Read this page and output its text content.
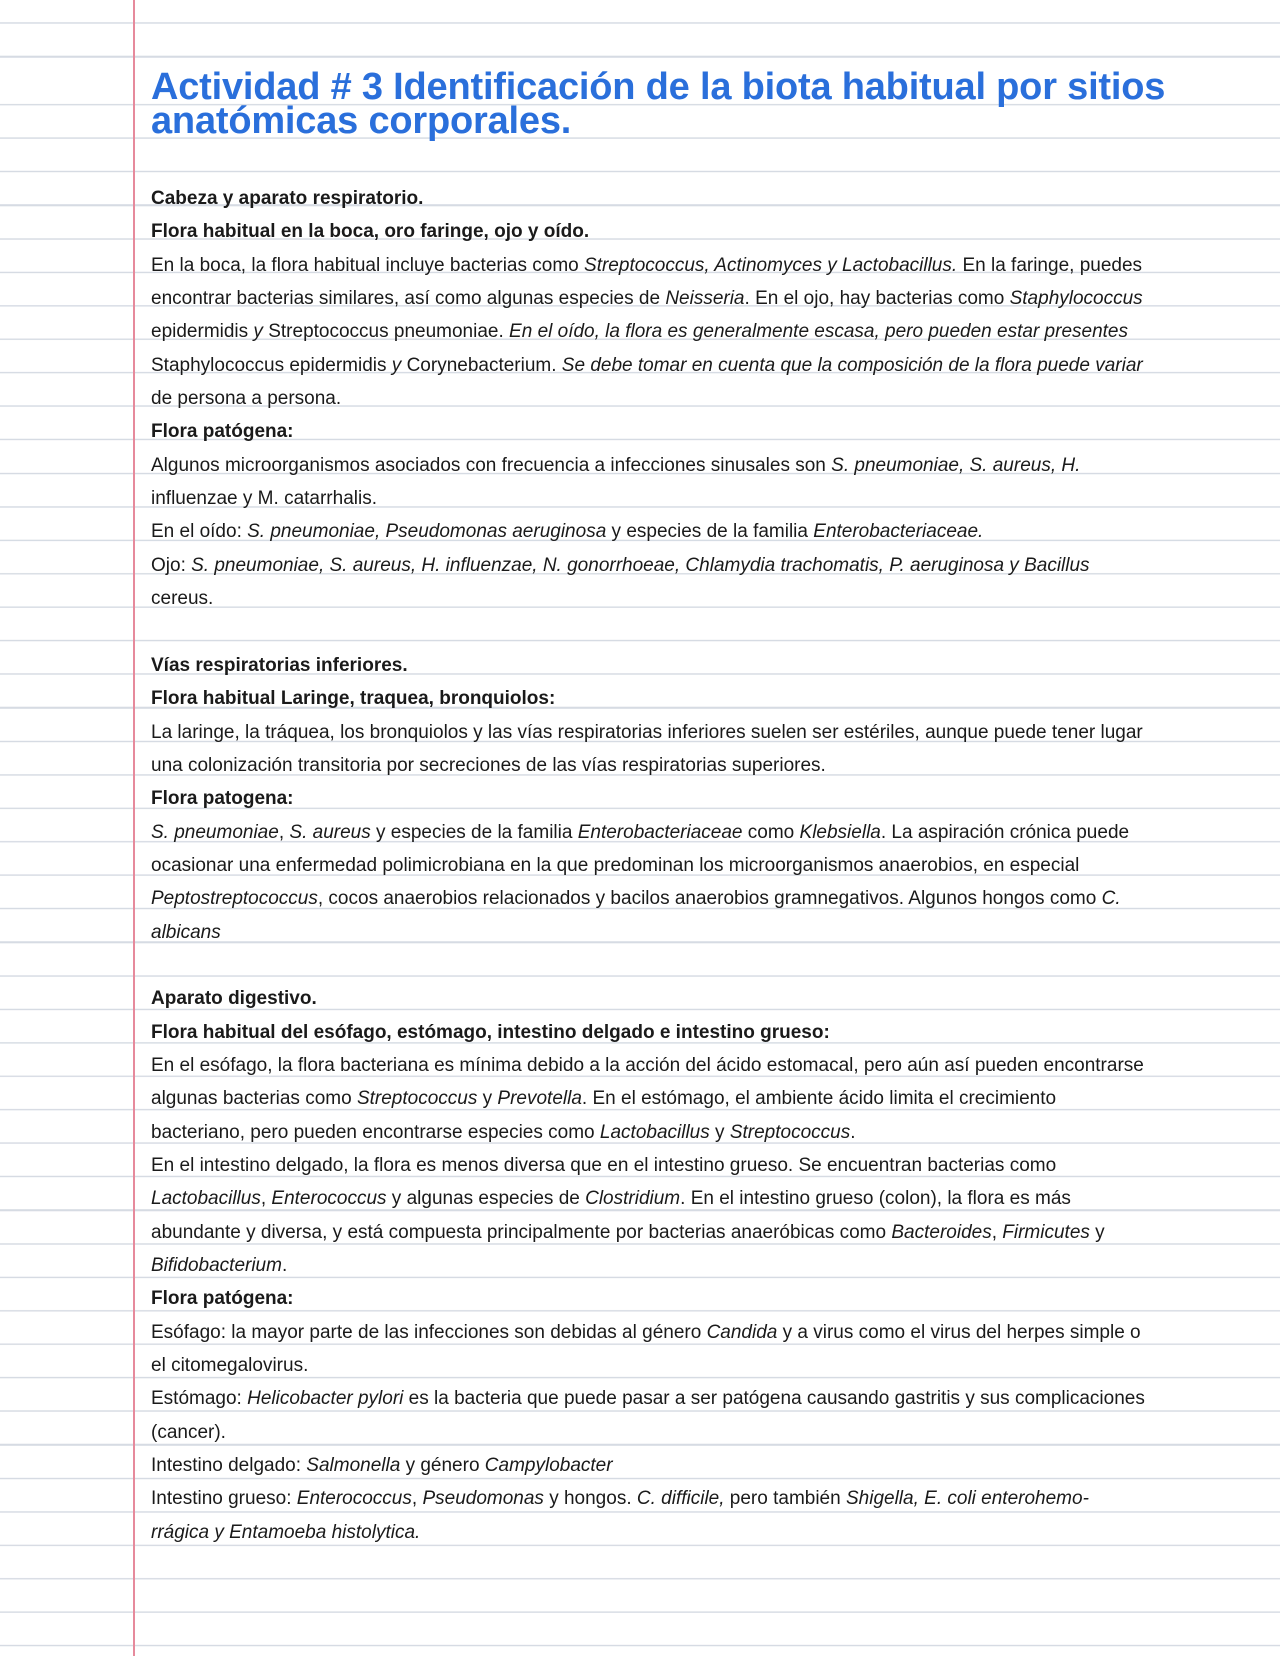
Actividad # 3 Identificación de la biota habitual por sitios anatómicas corporales.
Cabeza y aparato respiratorio.
Flora habitual en la boca, oro faringe, ojo y oído.
En la boca, la flora habitual incluye bacterias como Streptococcus, Actinomyces y Lactobacillus. En la faringe, puedes
encontrar bacterias similares, así como algunas especies de Neisseria. En el ojo, hay bacterias como Staphylococcus
epidermidis y Streptococcus pneumoniae. En el oído, la flora es generalmente escasa, pero pueden estar presentes
Staphylococcus epidermidis y Corynebacterium. Se debe tomar en cuenta que la composición de la flora puede variar
de persona a persona.
Flora patógena:
Algunos microorganismos asociados con frecuencia a infecciones sinusales son S. pneumoniae, S. aureus, H.
influenzae y M. catarrhalis.
En el oído: S. pneumoniae, Pseudomonas aeruginosa y especies de la familia Enterobacteriaceae.
Ojo: S. pneumoniae, S. aureus, H. influenzae, N. gonorrhoeae, Chlamydia trachomatis, P. aeruginosa y Bacillus
cereus.
Vías respiratorias inferiores.
Flora habitual Laringe, traquea, bronquiolos:
La laringe, la tráquea, los bronquiolos y las vías respiratorias inferiores suelen ser estériles, aunque puede tener lugar
una colonización transitoria por secreciones de las vías respiratorias superiores.
Flora patogena:
S. pneumoniae, S. aureus y especies de la familia Enterobacteriaceae como Klebsiella. La aspiración crónica puede
ocasionar una enfermedad polimicrobiana en la que predominan los microorganismos anaerobios, en especial
Peptostreptococcus, cocos anaerobios relacionados y bacilos anaerobios gramnegativos. Algunos hongos como C.
albicans
Aparato digestivo.
Flora habitual del esófago, estómago, intestino delgado e intestino grueso:
En el esófago, la flora bacteriana es mínima debido a la acción del ácido estomacal, pero aún así pueden encontrarse
algunas bacterias como Streptococcus y Prevotella. En el estómago, el ambiente ácido limita el crecimiento
bacteriano, pero pueden encontrarse especies como Lactobacillus y Streptococcus.
En el intestino delgado, la flora es menos diversa que en el intestino grueso. Se encuentran bacterias como
Lactobacillus, Enterococcus y algunas especies de Clostridium. En el intestino grueso (colon), la flora es más
abundante y diversa, y está compuesta principalmente por bacterias anaeróbicas como Bacteroides, Firmicutes y
Bifidobacterium.
Flora patógena:
Esófago: la mayor parte de las infecciones son debidas al género Candida y a virus como el virus del herpes simple o
el citomegalovirus.
Estómago: Helicobacter pylori es la bacteria que puede pasar a ser patógena causando gastritis y sus complicaciones
(cancer).
Intestino delgado: Salmonella y género Campylobacter
Intestino grueso: Enterococcus, Pseudomonas y hongos. C. difficile, pero también Shigella, E. coli enterohemo-
rrágica y Entamoeba histolytica.
